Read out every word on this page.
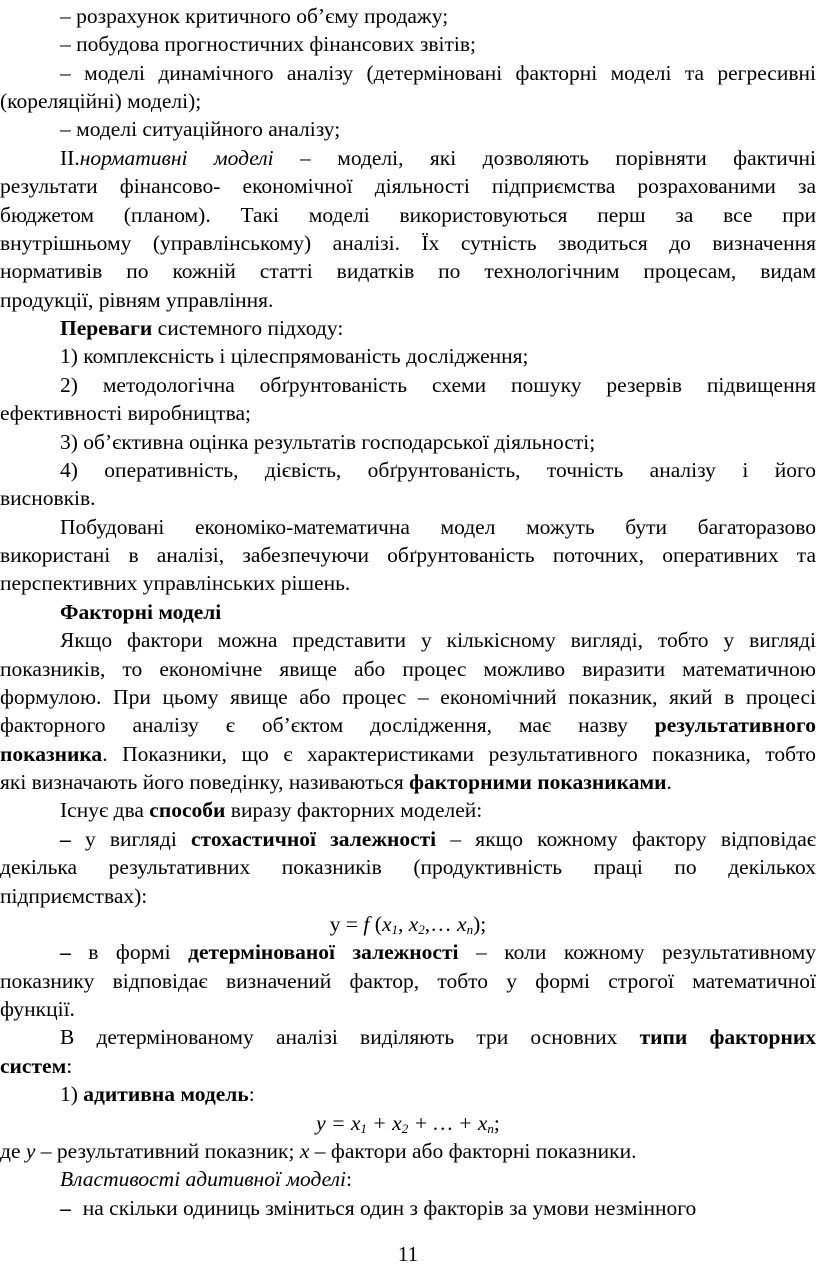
– розрахунок критичного об’єму продажу;
– побудова прогностичних фінансових звітів;
– моделі динамічного аналізу (детерміновані факторні моделі та регресивні
(кореляційні) моделі);
– моделі ситуаційного аналізу;
II.нормативні моделі – моделі, які дозволяють порівняти фактичні
результати фінансово- економічної діяльності підприємства розрахованими за
бюджетом (планом). Такі моделі використовуються перш за все при
внутрішньому (управлінському) аналізі. Їх сутність зводиться до визначення
нормативів по кожній статті видатків по технологічним процесам, видам
продукції, рівням управління.
Переваги системного підходу:
1) комплексність і цілеспрямованість дослідження;
2) методологічна обґрунтованість схеми пошуку резервів підвищення
ефективності виробництва;
3) об’єктивна оцінка результатів господарської діяльності;
4) оперативність, дієвість, обґрунтованість, точність аналізу і його
висновків.
Побудовані економіко-математична модел можуть бути багаторазово
використані в аналізі, забезпечуючи обґрунтованість поточних, оперативних та
перспективних управлінських рішень.
Факторні моделі
Якщо фактори можна представити у кількісному вигляді, тобто у вигляді
показників, то економічне явище або процес можливо виразити математичною
формулою. При цьому явище або процес – економічний показник, який в процесі
факторного аналізу є об’єктом дослідження, має назву результативного
показника. Показники, що є характеристиками результативного показника, тобто
які визначають його поведінку, називаються факторними показниками.
Існує два способи виразу факторних моделей:
– у вигляді стохастичної залежності – якщо кожному фактору відповідає
декілька результативних показників (продуктивність праці по декількох
підприємствах):
у = f ($x_1$, $x_2,\dots$ $x_n$);
– в формі детермінованої залежності – коли кожному результативному
показнику відповідає визначений фактор, тобто у формі строгої математичної
функції.
В детермінованому аналізі виділяють три основних типи факторних
систем:
1) адитивна модель:
$у = x_1 + x_2$ + … + $x_n$;
де у – результативний показник; х – фактори або факторні показники.
Властивості адитивної моделі:
– на скільки одиниць зміниться один з факторів за умови незмінного
11
